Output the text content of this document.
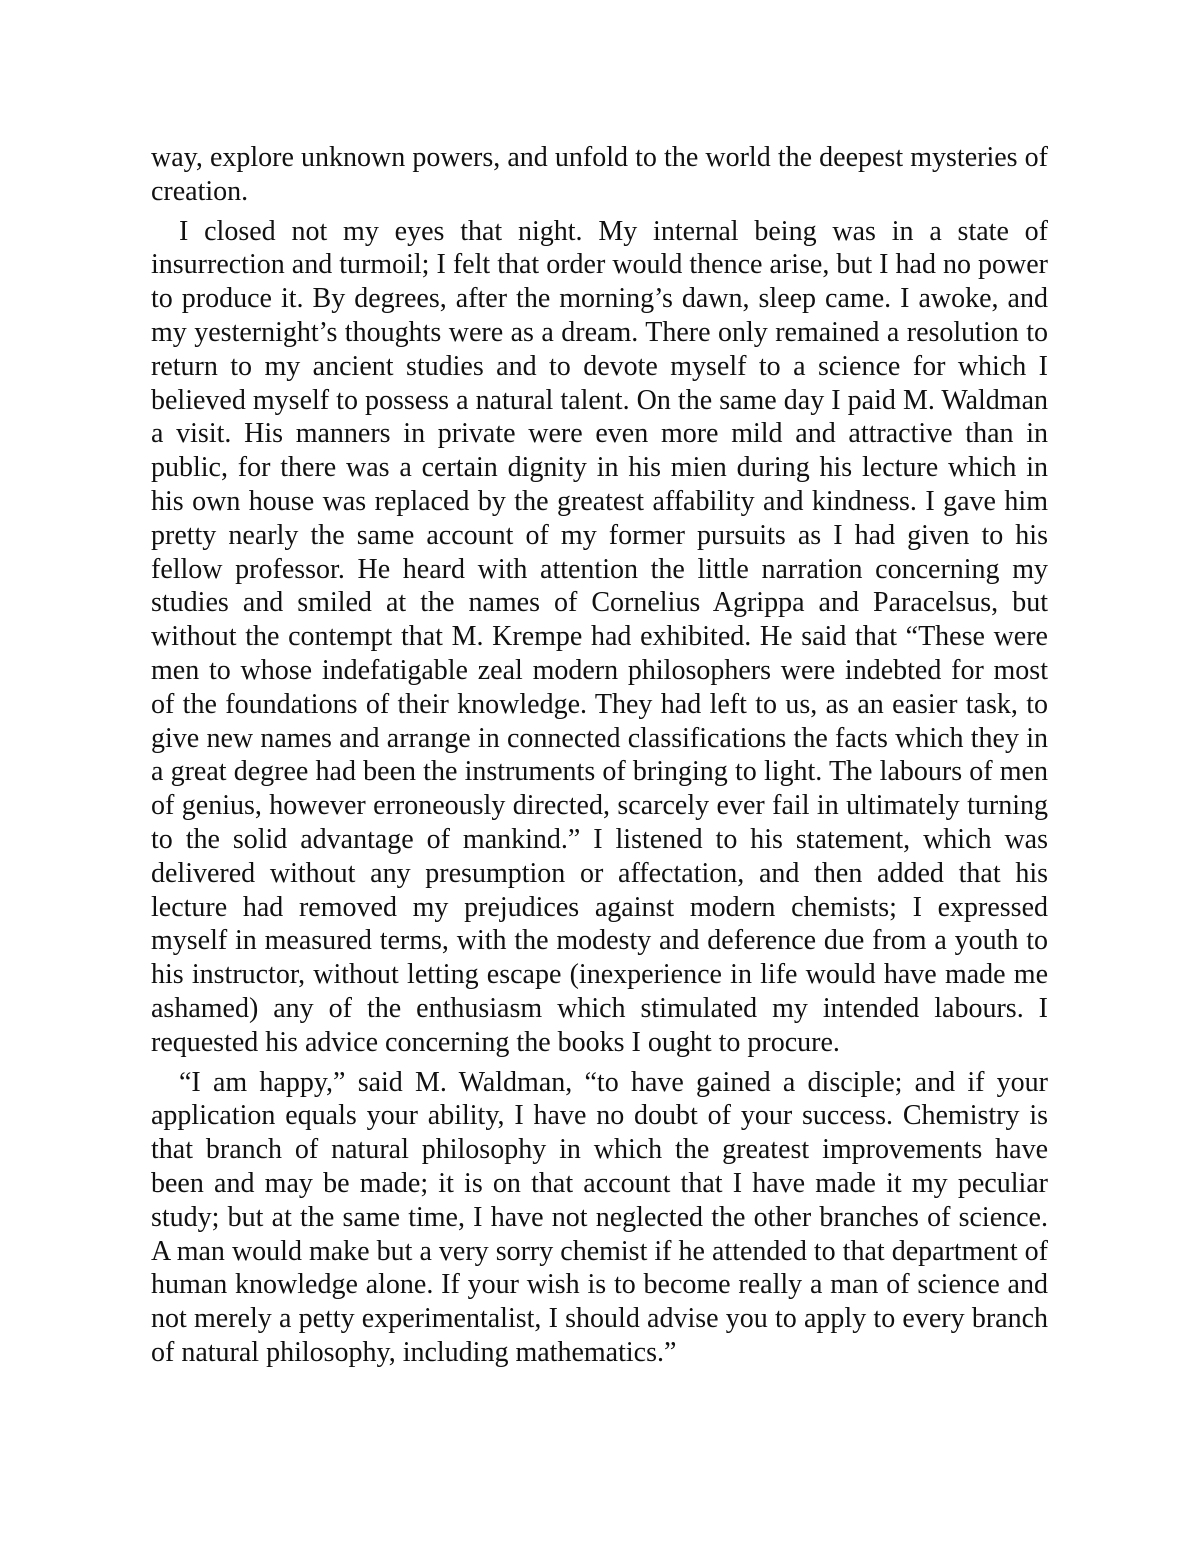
way, explore unknown powers, and unfold to the world the deepest mysteries of creation.

I closed not my eyes that night. My internal being was in a state of insurrection and turmoil; I felt that order would thence arise, but I had no power to produce it. By degrees, after the morning’s dawn, sleep came. I awoke, and my yesternight’s thoughts were as a dream. There only remained a resolution to return to my ancient studies and to devote myself to a science for which I believed myself to possess a natural talent. On the same day I paid M. Waldman a visit. His manners in private were even more mild and attractive than in public, for there was a certain dignity in his mien during his lecture which in his own house was replaced by the greatest affability and kindness. I gave him pretty nearly the same account of my former pursuits as I had given to his fellow professor. He heard with attention the little narration concerning my studies and smiled at the names of Cornelius Agrippa and Paracelsus, but without the contempt that M. Krempe had exhibited. He said that “These were men to whose indefatigable zeal modern philosophers were indebted for most of the foundations of their knowledge. They had left to us, as an easier task, to give new names and arrange in connected classifications the facts which they in a great degree had been the instruments of bringing to light. The labours of men of genius, however erroneously directed, scarcely ever fail in ultimately turning to the solid advantage of mankind.” I listened to his statement, which was delivered without any presumption or affectation, and then added that his lecture had removed my prejudices against modern chemists; I expressed myself in measured terms, with the modesty and deference due from a youth to his instructor, without letting escape (inexperience in life would have made me ashamed) any of the enthusiasm which stimulated my intended labours. I requested his advice concerning the books I ought to procure.

“I am happy,” said M. Waldman, “to have gained a disciple; and if your application equals your ability, I have no doubt of your success. Chemistry is that branch of natural philosophy in which the greatest improvements have been and may be made; it is on that account that I have made it my peculiar study; but at the same time, I have not neglected the other branches of science. A man would make but a very sorry chemist if he attended to that department of human knowledge alone. If your wish is to become really a man of science and not merely a petty experimentalist, I should advise you to apply to every branch of natural philosophy, including mathematics.”
